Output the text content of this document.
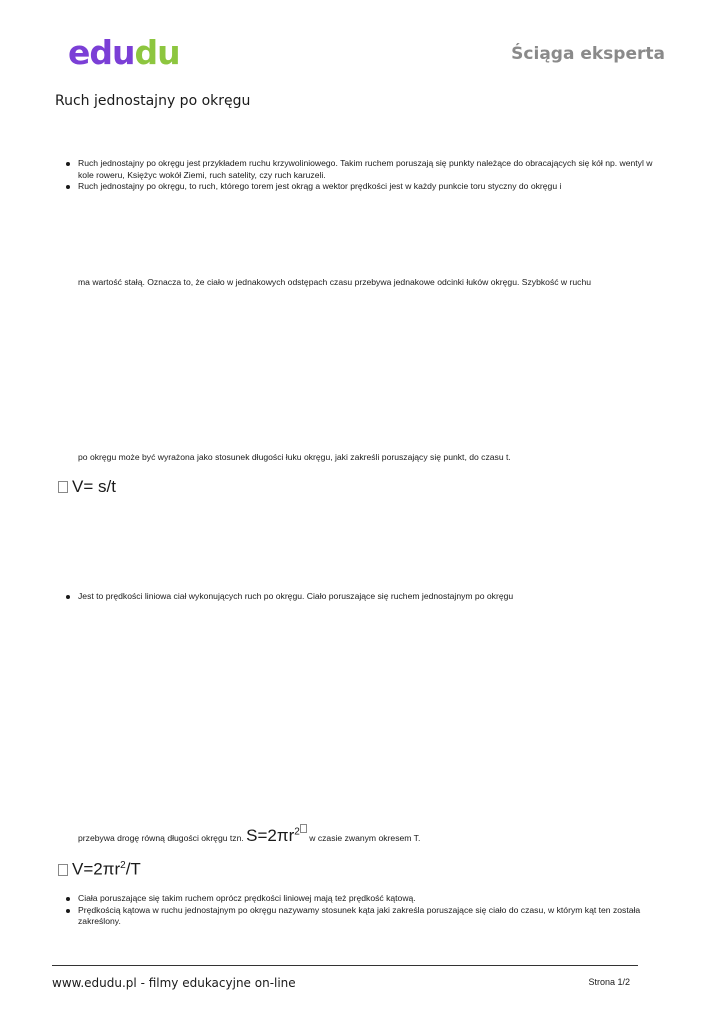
edudu	Ściąga eksperta
Ruch jednostajny po okręgu
Ruch jednostajny po okręgu jest przykładem ruchu krzywoliniowego. Takim ruchem poruszają się punkty należące do obracających się kół np. wentyl w kole roweru, Księżyc wokół Ziemi, ruch satelity, czy ruch karuzeli.
Ruch jednostajny po okręgu, to ruch, którego torem jest okrąg a wektor prędkości jest w każdy punkcie toru styczny do okręgu i
ma wartość stałą. Oznacza to, że ciało w jednakowych odstępach czasu przebywa jednakowe odcinki łuków okręgu. Szybkość w ruchu
po okręgu może być wyrażona jako stosunek długości łuku okręgu, jaki zakreśli poruszający się punkt, do czasu t.
V= s/t
Jest to prędkości liniowa ciał wykonujących ruch po okręgu. Ciało poruszające się ruchem jednostajnym po okręgu
przebywa drogę równą długości okręgu tzn. $S=2\pi r^2$ w czasie zwanym okresem T.
$V=2\pi r^2/T$
Ciała poruszające się takim ruchem oprócz prędkości liniowej mają też prędkość kątową.
Prędkością kątowa w ruchu jednostajnym po okręgu nazywamy stosunek kąta jaki zakreśla poruszające się ciało do czasu, w którym kąt ten została zakreślony.
www.edudu.pl - filmy edukacyjne on-line	Strona 1/2
